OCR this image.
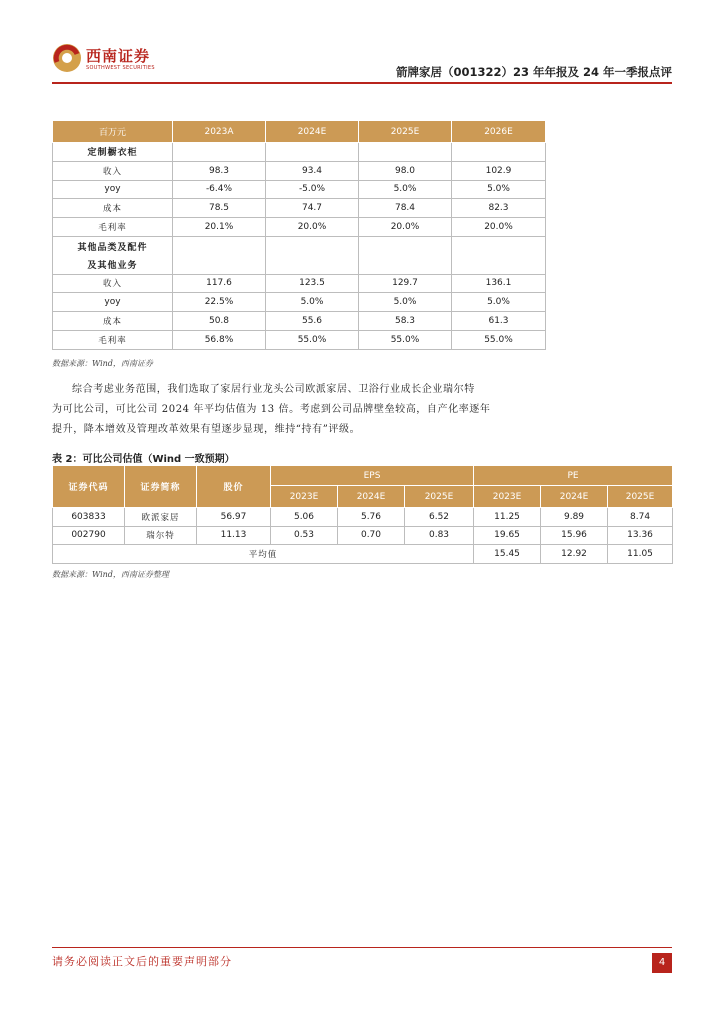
西南证券
SOUTHWEST SECURITIES	箭牌家居（001322）23 年年报及 24 年一季报点评
百万元	2023A	2024E	2025E	2026E
定制橱衣柜				
收入	98.3	93.4	98.0	102.9
yoy	-6.4%	-5.0%	5.0%	5.0%
成本	78.5	74.7	78.4	82.3
毛利率	20.1%	20.0%	20.0%	20.0%
其他品类及配件				
及其他业务				
收入	117.6	123.5	129.7	136.1
yoy	22.5%	5.0%	5.0%	5.0%
成本	50.8	55.6	58.3	61.3
毛利率	56.8%	55.0%	55.0%	55.0%
数据来源：Wind，西南证券
综合考虑业务范围，我们选取了家居行业龙头公司欧派家居、卫浴行业成长企业瑞尔特
为可比公司，可比公司 2024 年平均估值为 13 倍。考虑到公司品牌壁垒较高，自产化率逐年
提升，降本增效及管理改革效果有望逐步显现，维持“持有”评级。
表 2：可比公司估值（Wind 一致预期）
证券代码	证券简称	股价	EPS			PE		
			2023E	2024E	2025E	2023E	2024E	2025E
603833	欧派家居	56.97	5.06	5.76	6.52	11.25	9.89	8.74
002790	瑞尔特	11.13	0.53	0.70	0.83	19.65	15.96	13.36
平均值						15.45	12.92	11.05
数据来源：Wind，西南证券整理
请务必阅读正文后的重要声明部分	4
